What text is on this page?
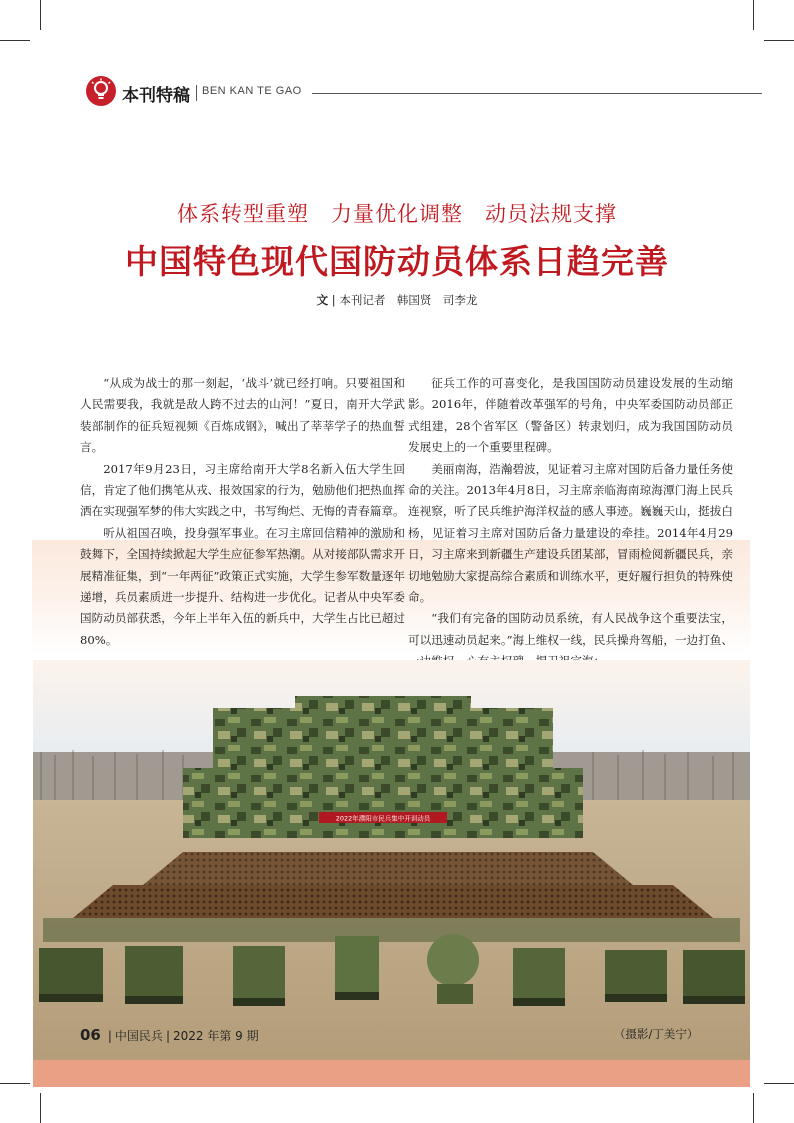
本刊特稿 BEN KAN TE GAO
体系转型重塑　力量优化调整　动员法规支撑
中国特色现代国防动员体系日趋完善
文 | 本刊记者　韩国贤　司李龙

“从成为战士的那一刻起，‘战斗’就已经打响。只要祖国和人民需要我，我就是敌人跨不过去的山河！”夏日，南开大学武装部制作的征兵短视频《百炼成钢》，喊出了莘莘学子的热血誓言。

2017年9月23日，习主席给南开大学8名新入伍大学生回信，肯定了他们携笔从戎、报效国家的行为，勉励他们把热血挥洒在实现强军梦的伟大实践之中，书写绚烂、无悔的青春篇章。

听从祖国召唤，投身强军事业。在习主席回信精神的激励和鼓舞下，全国持续掀起大学生应征参军热潮。从对接部队需求开展精准征集，到“一年两征”政策正式实施，大学生参军数量逐年递增，兵员素质进一步提升、结构进一步优化。记者从中央军委国防动员部获悉，今年上半年入伍的新兵中，大学生占比已超过80%。

征兵工作的可喜变化，是我国国防动员建设发展的生动缩影。2016年，伴随着改革强军的号角，中央军委国防动员部正式组建，28个省军区（警备区）转隶划归，成为我国国防动员发展史上的一个重要里程碑。

美丽南海，浩瀚碧波，见证着习主席对国防后备力量任务使命的关注。2013年4月8日，习主席亲临海南琼海潭门海上民兵连视察，听了民兵维护海洋权益的感人事迹。巍巍天山，挺拔白杨，见证着习主席对国防后备力量建设的牵挂。2014年4月29日，习主席来到新疆生产建设兵团某部，冒雨检阅新疆民兵，亲切地勉励大家提高综合素质和训练水平，更好履行担负的特殊使命。

“我们有完备的国防动员系统，有人民战争这个重要法宝，可以迅速动员起来。”海上维权一线，民兵操舟驾船，一边打鱼、

2022年濮阳市民兵集中开训动员
06 | 中国民兵 | 2022 年第 9 期	（摄影/丁美宁）
